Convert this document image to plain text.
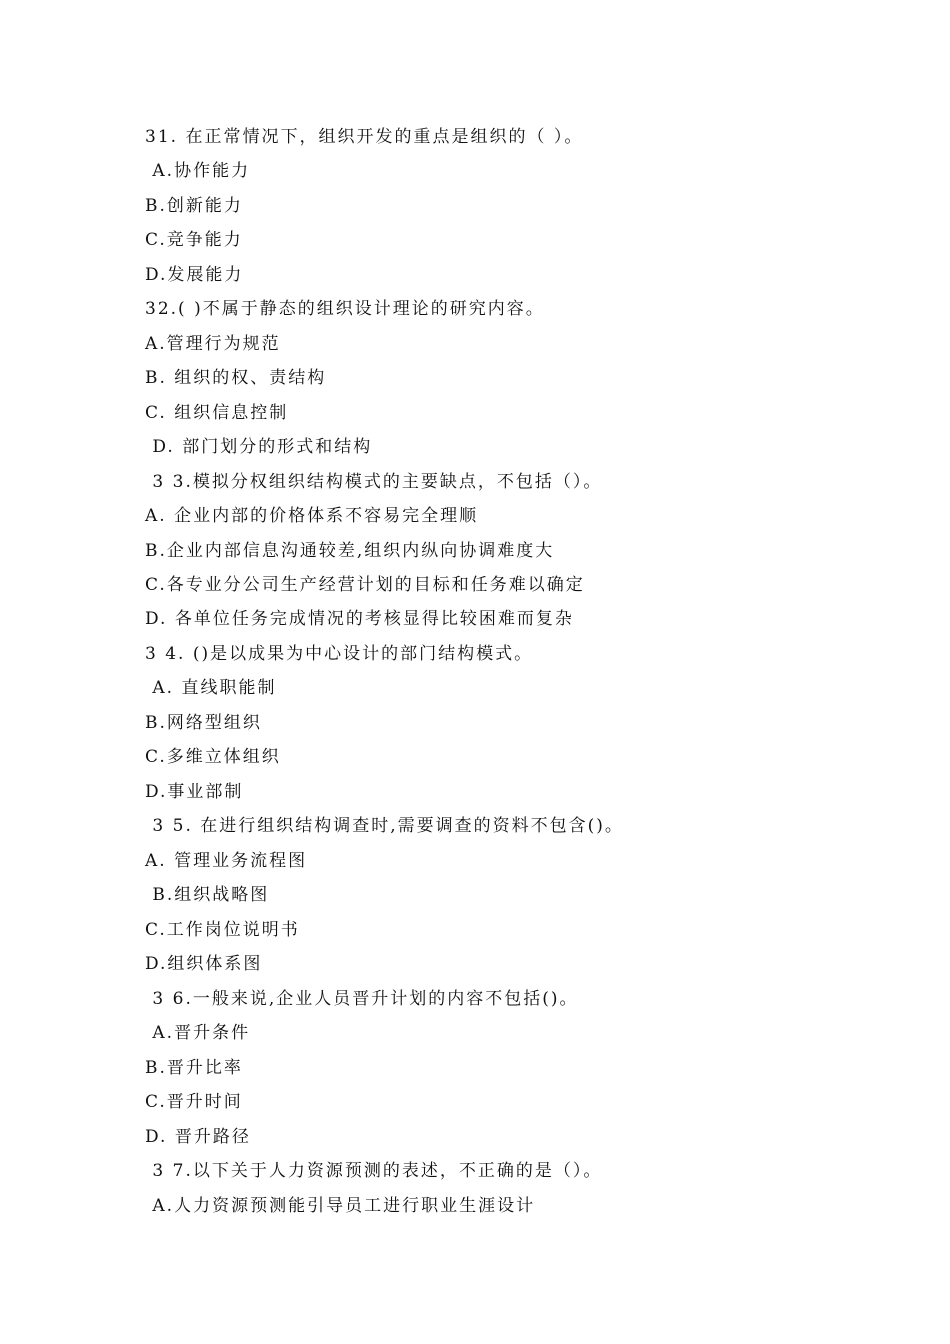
31. 在正常情况下，组织开发的重点是组织的（ ）。
A.协作能力
B.创新能力
C.竞争能力
D.发展能力
32.( )不属于静态的组织设计理论的研究内容。
A.管理行为规范
B. 组织的权、责结构
C. 组织信息控制
D. 部门划分的形式和结构
3 3.模拟分权组织结构模式的主要缺点，不包括（）。
A. 企业内部的价格体系不容易完全理顺
B.企业内部信息沟通较差,组织内纵向协调难度大
C.各专业分公司生产经营计划的目标和任务难以确定
D. 各单位任务完成情况的考核显得比较困难而复杂
3 4. ()是以成果为中心设计的部门结构模式。
A. 直线职能制
B.网络型组织
C.多维立体组织
D.事业部制
3 5. 在进行组织结构调查时,需要调查的资料不包含()。
A. 管理业务流程图
B.组织战略图
C.工作岗位说明书
D.组织体系图
3 6.一般来说,企业人员晋升计划的内容不包括()。
A.晋升条件
B.晋升比率
C.晋升时间
D. 晋升路径
3 7.以下关于人力资源预测的表述，不正确的是（）。
A.人力资源预测能引导员工进行职业生涯设计
